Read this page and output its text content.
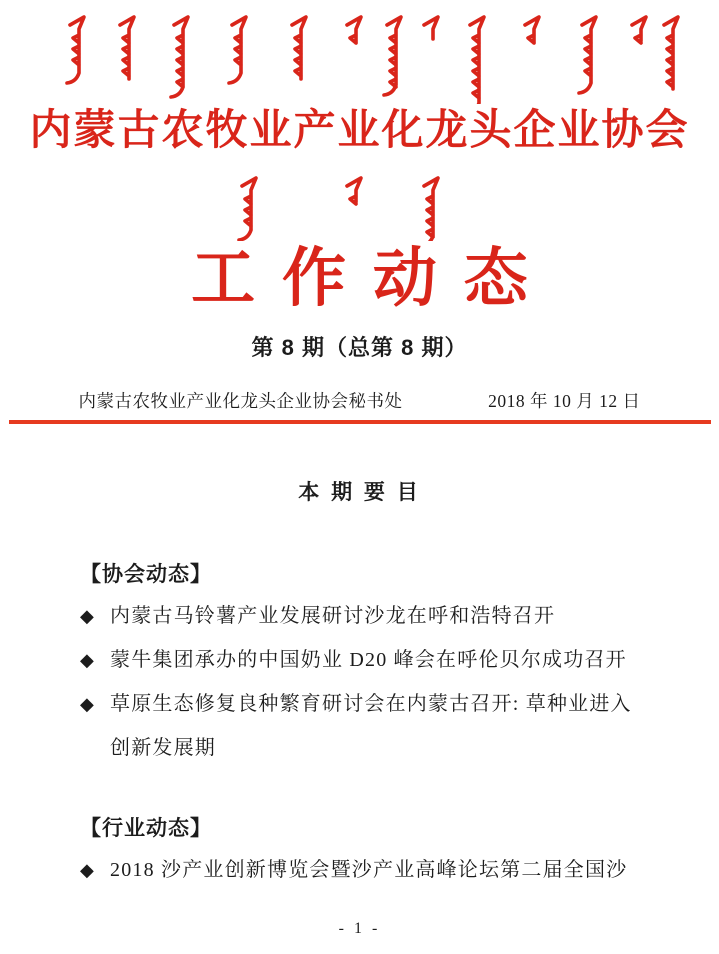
内蒙古农牧业产业化龙头企业协会
工作动态
第 8 期（总第 8 期）
内蒙古农牧业产业化龙头企业协会秘书处	2018 年 10 月 12 日
本 期 要 目
【协会动态】
◆ 内蒙古马铃薯产业发展研讨沙龙在呼和浩特召开
◆ 蒙牛集团承办的中国奶业 D20 峰会在呼伦贝尔成功召开
◆ 草原生态修复良种繁育研讨会在内蒙古召开: 草种业进入
创新发展期
【行业动态】
◆ 2018 沙产业创新博览会暨沙产业高峰论坛第二届全国沙
- 1 -
